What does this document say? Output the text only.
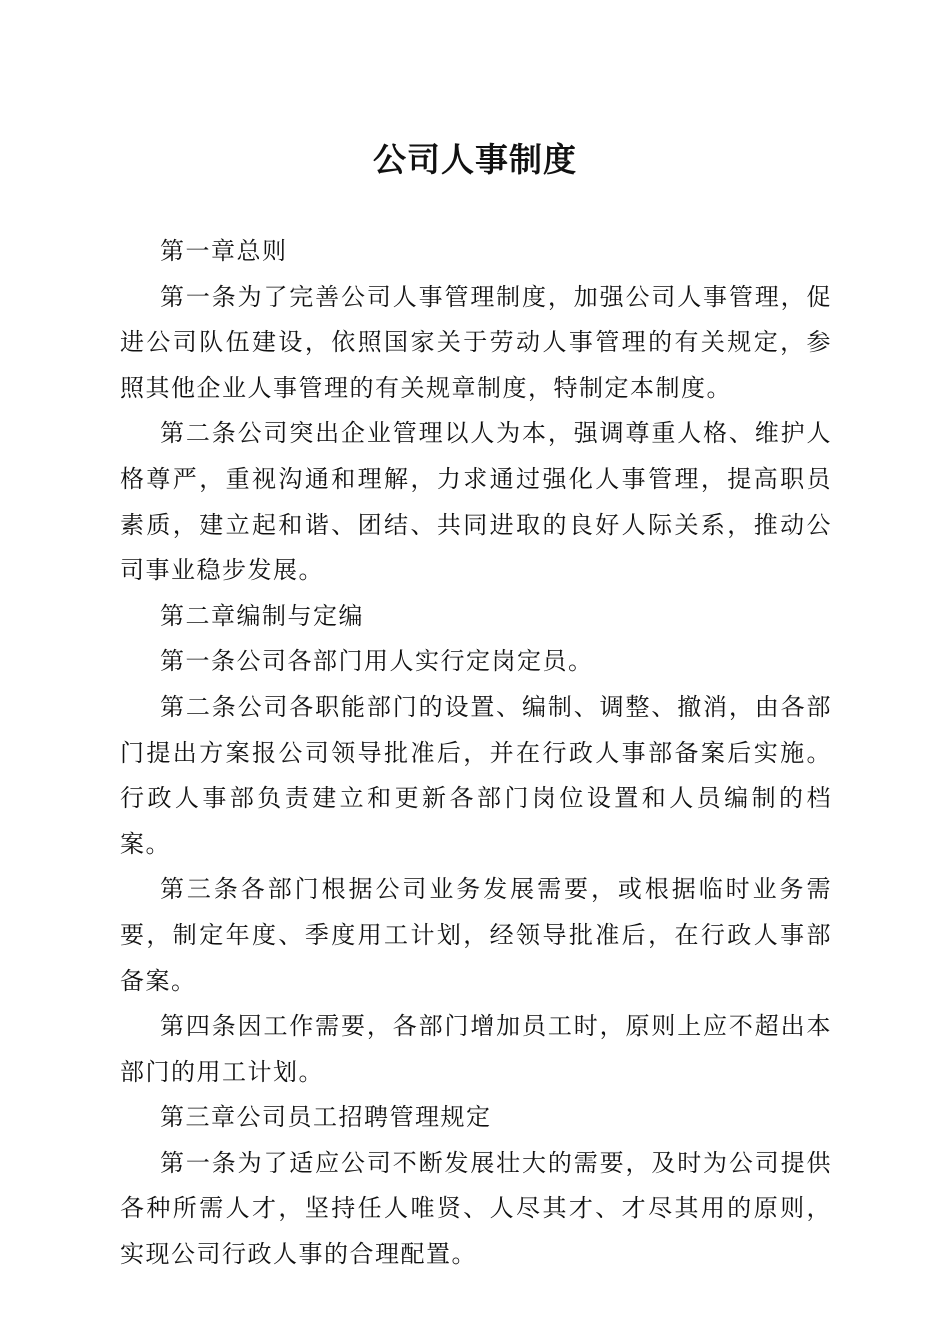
公司人事制度

第一章总则

第一条为了完善公司人事管理制度，加强公司人事管理，促进公司队伍建设，依照国家关于劳动人事管理的有关规定，参照其他企业人事管理的有关规章制度，特制定本制度。

第二条公司突出企业管理以人为本，强调尊重人格、维护人格尊严，重视沟通和理解，力求通过强化人事管理，提高职员素质，建立起和谐、团结、共同进取的良好人际关系，推动公司事业稳步发展。

第二章编制与定编

第一条公司各部门用人实行定岗定员。

第二条公司各职能部门的设置、编制、调整、撤消，由各部门提出方案报公司领导批准后，并在行政人事部备案后实施。行政人事部负责建立和更新各部门岗位设置和人员编制的档案。

第三条各部门根据公司业务发展需要，或根据临时业务需要，制定年度、季度用工计划，经领导批准后，在行政人事部备案。

第四条因工作需要，各部门增加员工时，原则上应不超出本部门的用工计划。

第三章公司员工招聘管理规定

第一条为了适应公司不断发展壮大的需要，及时为公司提供各种所需人才，坚持任人唯贤、人尽其才、才尽其用的原则，实现公司行政人事的合理配置。
